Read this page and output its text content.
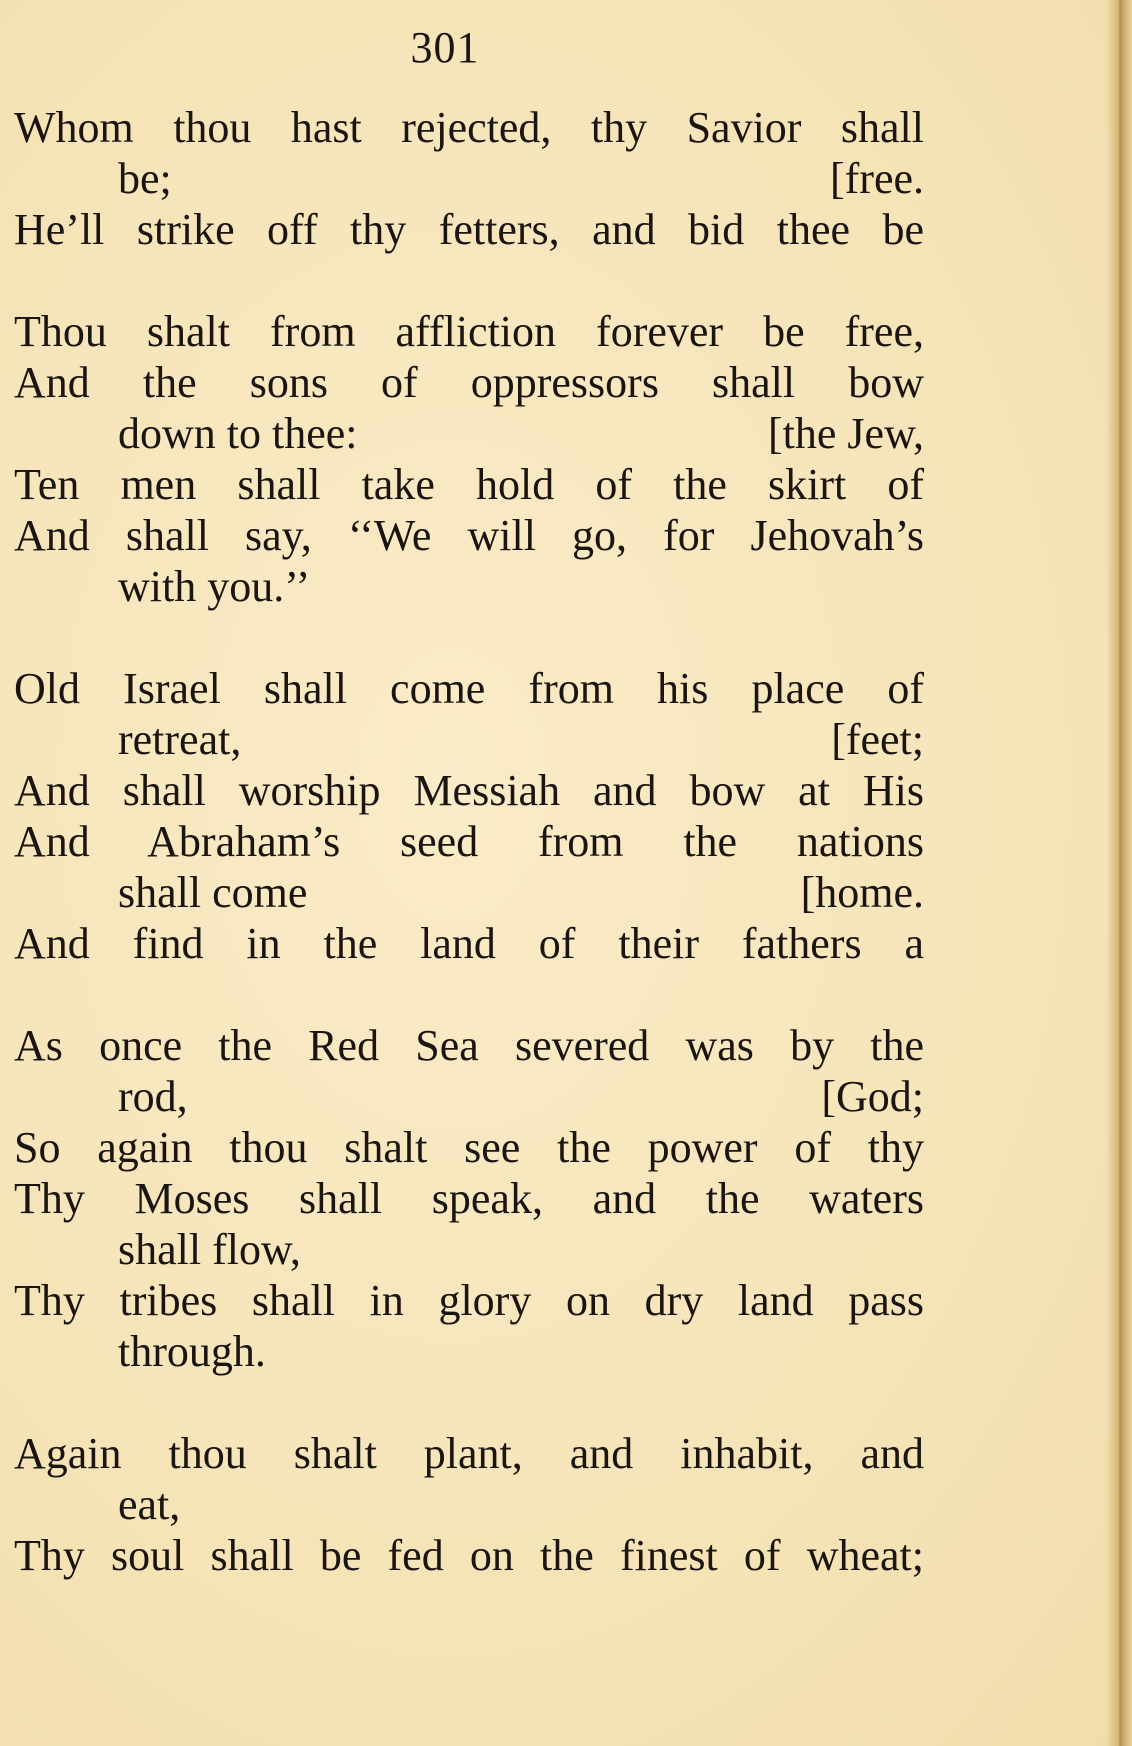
301
Whom thou hast rejected, thy Savior shall
be;	[free.
He’ll strike off thy fetters, and bid thee be
Thou shalt from affliction forever be free,
And the sons of oppressors shall bow
down to thee:	[the Jew,
Ten men shall take hold of the skirt of
And shall say, ‘‘We will go, for Jehovah’s
with you.’’
Old Israel shall come from his place of
retreat,	[feet;
And shall worship Messiah and bow at His
And Abraham’s seed from the nations
shall come	[home.
And find in the land of their fathers a
As once the Red Sea severed was by the
rod,	[God;
So again thou shalt see the power of thy
Thy Moses shall speak, and the waters
shall flow,
Thy tribes shall in glory on dry land pass
through.
Again thou shalt plant, and inhabit, and
eat,
Thy soul shall be fed on the finest of wheat;
